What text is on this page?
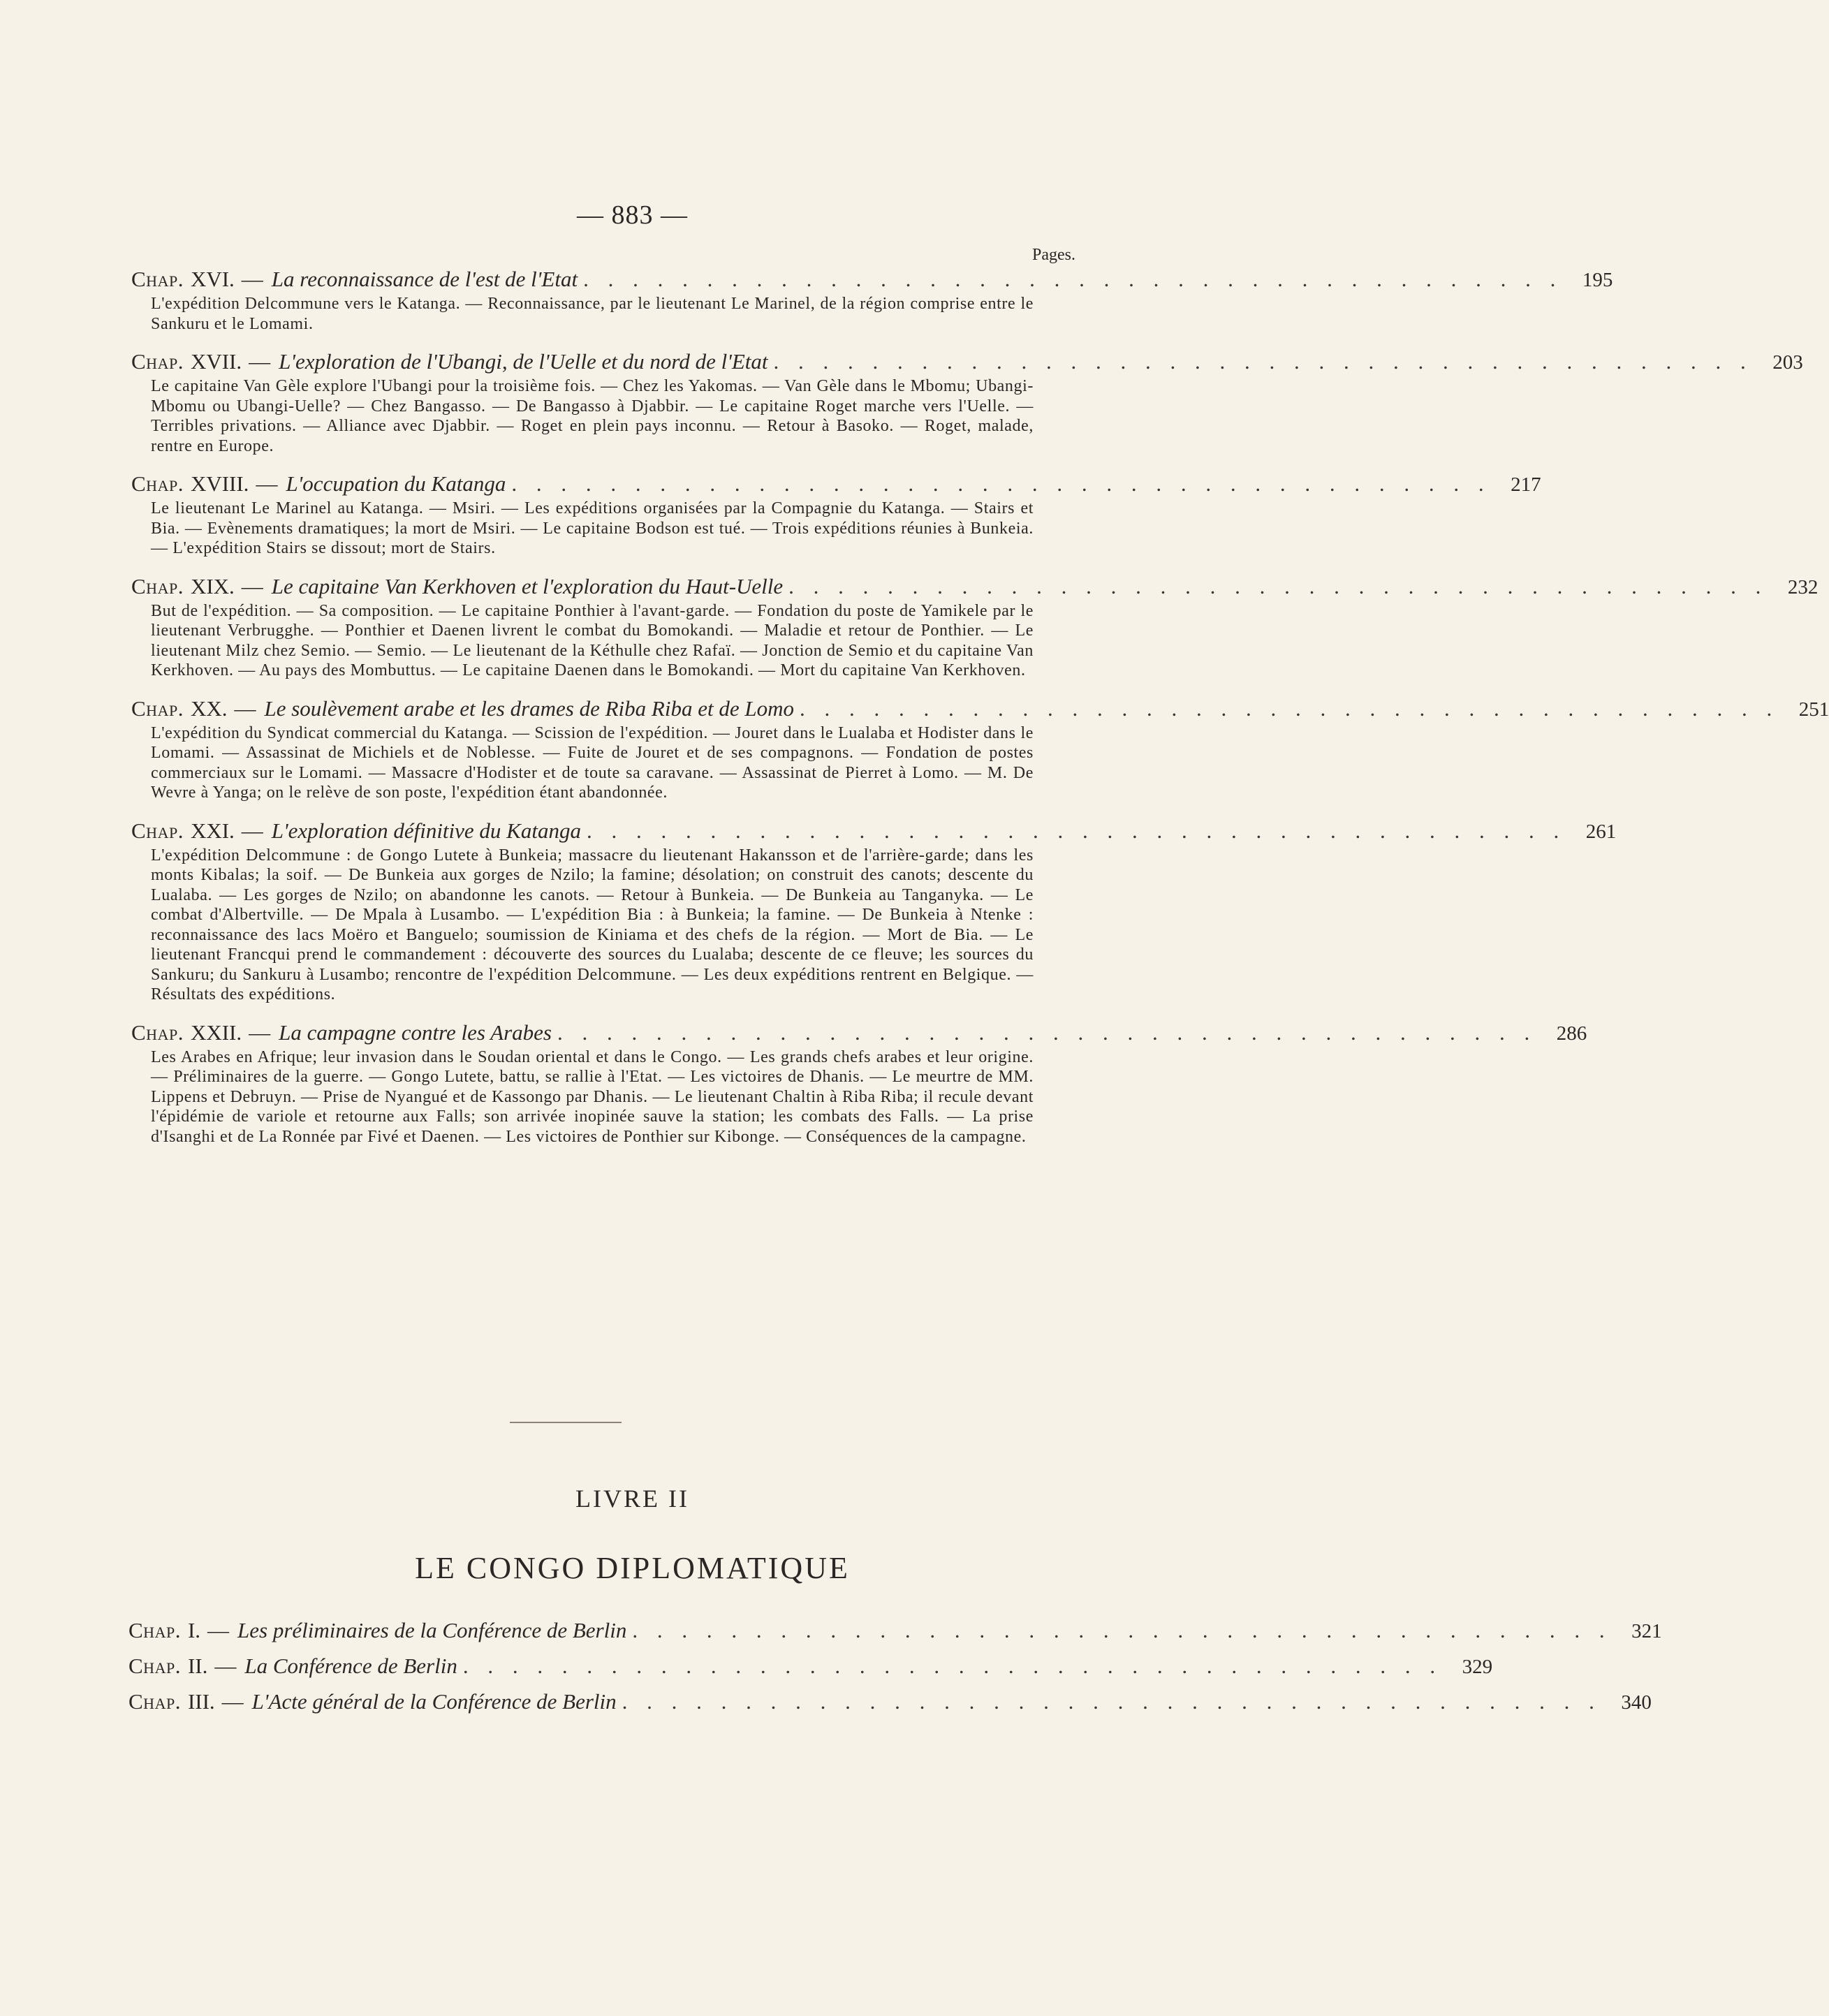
— 883 —
Pages.
Chap. XVI. — La reconnaissance de l'est de l'Etat . . . . . . . . . . . . . . . . . . . . . . . . . . . . . . . . . . . . . . . . 195
L'expédition Delcommune vers le Katanga. — Reconnaissance, par le lieutenant Le Marinel, de la région comprise entre le Sankuru et le Lomami.
Chap. XVII. — L'exploration de l'Ubangi, de l'Uelle et du nord de l'Etat . . . . . . . . . . . . . . . . . . . . . . . . . . . . . . . . . . . . . . . . 203
Le capitaine Van Gèle explore l'Ubangi pour la troisième fois. — Chez les Yakomas. — Van Gèle dans le Mbomu; Ubangi-Mbomu ou Ubangi-Uelle? — Chez Bangasso. — De Bangasso à Djabbir. — Le capitaine Roget marche vers l'Uelle. — Terribles privations. — Alliance avec Djabbir. — Roget en plein pays inconnu. — Retour à Basoko. — Roget, malade, rentre en Europe.
Chap. XVIII. — L'occupation du Katanga . . . . . . . . . . . . . . . . . . . . . . . . . . . . . . . . . . . . . . . . 217
Le lieutenant Le Marinel au Katanga. — Msiri. — Les expéditions organisées par la Compagnie du Katanga. — Stairs et Bia. — Evènements dramatiques; la mort de Msiri. — Le capitaine Bodson est tué. — Trois expéditions réunies à Bunkeia. — L'expédition Stairs se dissout; mort de Stairs.
Chap. XIX. — Le capitaine Van Kerkhoven et l'exploration du Haut-Uelle . . . . . . . . . . . . . . . . . . . . . . . . . . . . . . . . . . . . . . . . 232
But de l'expédition. — Sa composition. — Le capitaine Ponthier à l'avant-garde. — Fondation du poste de Yamikele par le lieutenant Verbrugghe. — Ponthier et Daenen livrent le combat du Bomokandi. — Maladie et retour de Ponthier. — Le lieutenant Milz chez Semio. — Semio. — Le lieutenant de la Kéthulle chez Rafaï. — Jonction de Semio et du capitaine Van Kerkhoven. — Au pays des Mombuttus. — Le capitaine Daenen dans le Bomokandi. — Mort du capitaine Van Kerkhoven.
Chap. XX. — Le soulèvement arabe et les drames de Riba Riba et de Lomo . . . . . . . . . . . . . . . . . . . . . . . . . . . . . . . . . . . . . . . . 251
L'expédition du Syndicat commercial du Katanga. — Scission de l'expédition. — Jouret dans le Lualaba et Hodister dans le Lomami. — Assassinat de Michiels et de Noblesse. — Fuite de Jouret et de ses compagnons. — Fondation de postes commerciaux sur le Lomami. — Massacre d'Hodister et de toute sa caravane. — Assassinat de Pierret à Lomo. — M. De Wevre à Yanga; on le relève de son poste, l'expédition étant abandonnée.
Chap. XXI. — L'exploration définitive du Katanga . . . . . . . . . . . . . . . . . . . . . . . . . . . . . . . . . . . . . . . . 261
L'expédition Delcommune : de Gongo Lutete à Bunkeia; massacre du lieutenant Hakansson et de l'arrière-garde; dans les monts Kibalas; la soif. — De Bunkeia aux gorges de Nzilo; la famine; désolation; on construit des canots; descente du Lualaba. — Les gorges de Nzilo; on abandonne les canots. — Retour à Bunkeia. — De Bunkeia au Tanganyka. — Le combat d'Albertville. — De Mpala à Lusambo. — L'expédition Bia : à Bunkeia; la famine. — De Bunkeia à Ntenke : reconnaissance des lacs Moëro et Banguelo; soumission de Kiniama et des chefs de la région. — Mort de Bia. — Le lieutenant Francqui prend le commandement : découverte des sources du Lualaba; descente de ce fleuve; les sources du Sankuru; du Sankuru à Lusambo; rencontre de l'expédition Delcommune. — Les deux expéditions rentrent en Belgique. — Résultats des expéditions.
Chap. XXII. — La campagne contre les Arabes . . . . . . . . . . . . . . . . . . . . . . . . . . . . . . . . . . . . . . . . 286
Les Arabes en Afrique; leur invasion dans le Soudan oriental et dans le Congo. — Les grands chefs arabes et leur origine. — Préliminaires de la guerre. — Gongo Lutete, battu, se rallie à l'Etat. — Les victoires de Dhanis. — Le meurtre de MM. Lippens et Debruyn. — Prise de Nyangué et de Kassongo par Dhanis. — Le lieutenant Chaltin à Riba Riba; il recule devant l'épidémie de variole et retourne aux Falls; son arrivée inopinée sauve la station; les combats des Falls. — La prise d'Isanghi et de La Ronnée par Fivé et Daenen. — Les victoires de Ponthier sur Kibonge. — Conséquences de la campagne.
LIVRE II
LE CONGO DIPLOMATIQUE
Chap. I. — Les préliminaires de la Conférence de Berlin . . . . . . . . . . . . . . . . . . . . . . . . . . . . . . . . . . . . . . . . 321
Chap. II. — La Conférence de Berlin . . . . . . . . . . . . . . . . . . . . . . . . . . . . . . . . . . . . . . . . 329
Chap. III. — L'Acte général de la Conférence de Berlin . . . . . . . . . . . . . . . . . . . . . . . . . . . . . . . . . . . . . . . . 340
